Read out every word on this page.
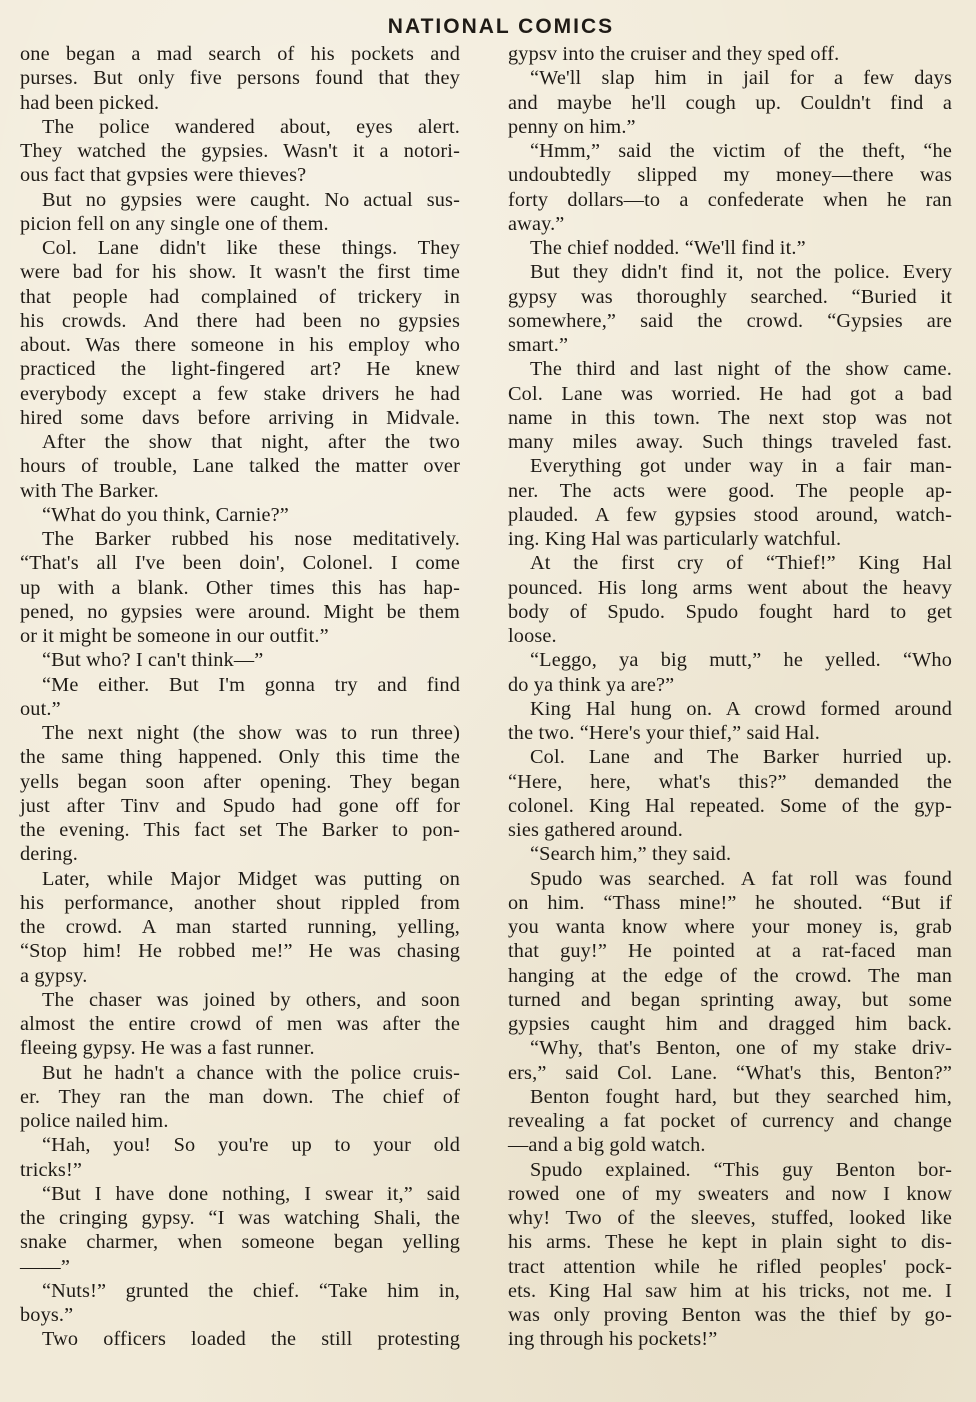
NATIONAL COMICS
one began a mad search of his pockets and
purses. But only five persons found that they
had been picked.
The police wandered about, eyes alert.
They watched the gypsies. Wasn't it a notori-
ous fact that gvpsies were thieves?
But no gypsies were caught. No actual sus-
picion fell on any single one of them.
Col. Lane didn't like these things. They
were bad for his show. It wasn't the first time
that people had complained of trickery in
his crowds. And there had been no gypsies
about. Was there someone in his employ who
practiced the light-fingered art? He knew
everybody except a few stake drivers he had
hired some davs before arriving in Midvale.
After the show that night, after the two
hours of trouble, Lane talked the matter over
with The Barker.
“What do you think, Carnie?”
The Barker rubbed his nose meditatively.
“That's all I've been doin', Colonel. I come
up with a blank. Other times this has hap-
pened, no gypsies were around. Might be them
or it might be someone in our outfit.”
“But who? I can't think—”
“Me either. But I'm gonna try and find
out.”
The next night (the show was to run three)
the same thing happened. Only this time the
yells began soon after opening. They began
just after Tinv and Spudo had gone off for
the evening. This fact set The Barker to pon-
dering.
Later, while Major Midget was putting on
his performance, another shout rippled from
the crowd. A man started running, yelling,
“Stop him! He robbed me!” He was chasing
a gypsy.
The chaser was joined by others, and soon
almost the entire crowd of men was after the
fleeing gypsy. He was a fast runner.
But he hadn't a chance with the police cruis-
er. They ran the man down. The chief of
police nailed him.
“Hah, you! So you're up to your old
tricks!”
“But I have done nothing, I swear it,” said
the cringing gypsy. “I was watching Shali, the
snake charmer, when someone began yelling
——”
“Nuts!” grunted the chief. “Take him in,
boys.”
Two officers loaded the still protesting
gypsv into the cruiser and they sped off.
“We'll slap him in jail for a few days
and maybe he'll cough up. Couldn't find a
penny on him.”
“Hmm,” said the victim of the theft, “he
undoubtedly slipped my money—there was
forty dollars—to a confederate when he ran
away.”
The chief nodded. “We'll find it.”
But they didn't find it, not the police. Every
gypsy was thoroughly searched. “Buried it
somewhere,” said the crowd. “Gypsies are
smart.”
The third and last night of the show came.
Col. Lane was worried. He had got a bad
name in this town. The next stop was not
many miles away. Such things traveled fast.
Everything got under way in a fair man-
ner. The acts were good. The people ap-
plauded. A few gypsies stood around, watch-
ing. King Hal was particularly watchful.
At the first cry of “Thief!” King Hal
pounced. His long arms went about the heavy
body of Spudo. Spudo fought hard to get
loose.
“Leggo, ya big mutt,” he yelled. “Who
do ya think ya are?”
King Hal hung on. A crowd formed around
the two. “Here's your thief,” said Hal.
Col. Lane and The Barker hurried up.
“Here, here, what's this?” demanded the
colonel. King Hal repeated. Some of the gyp-
sies gathered around.
“Search him,” they said.
Spudo was searched. A fat roll was found
on him. “Thass mine!” he shouted. “But if
you wanta know where your money is, grab
that guy!” He pointed at a rat-faced man
hanging at the edge of the crowd. The man
turned and began sprinting away, but some
gypsies caught him and dragged him back.
“Why, that's Benton, one of my stake driv-
ers,” said Col. Lane. “What's this, Benton?”
Benton fought hard, but they searched him,
revealing a fat pocket of currency and change
—and a big gold watch.
Spudo explained. “This guy Benton bor-
rowed one of my sweaters and now I know
why! Two of the sleeves, stuffed, looked like
his arms. These he kept in plain sight to dis-
tract attention while he rifled peoples' pock-
ets. King Hal saw him at his tricks, not me. I
was only proving Benton was the thief by go-
ing through his pockets!”
